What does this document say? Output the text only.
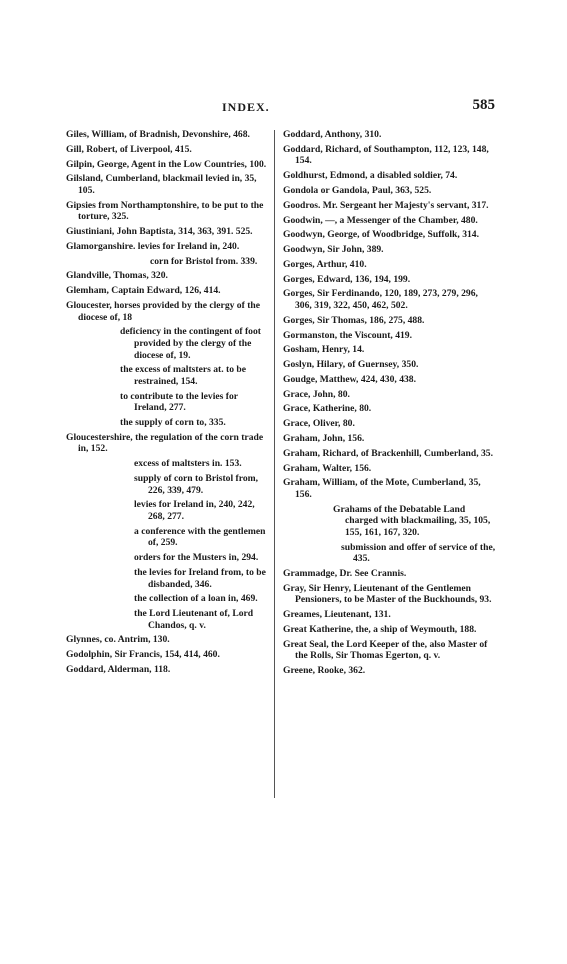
INDEX.	585

Giles, William, of Bradnish, Devonshire, 468.

Gill, Robert, of Liverpool, 415.

Gilpin, George, Agent in the Low Countries, 100.

Gilsland, Cumberland, blackmail levied in, 35, 105.

Gipsies from Northamptonshire, to be put to the torture, 325.

Giustiniani, John Baptista, 314, 363, 391. 525.

Glamorganshire. levies for Ireland in, 240.

corn for Bristol from. 339.

Glandville, Thomas, 320.

Glemham, Captain Edward, 126, 414.

Gloucester, horses provided by the clergy of the diocese of, 18

deficiency in the contingent of foot provided by the clergy of the diocese of, 19.

the excess of maltsters at. to be restrained, 154.

to contribute to the levies for Ireland, 277.

the supply of corn to, 335.

Gloucestershire, the regulation of the corn trade in, 152.

excess of maltsters in. 153.

supply of corn to Bristol from, 226, 339, 479.

levies for Ireland in, 240, 242, 268, 277.

a conference with the gentlemen of, 259.

orders for the Musters in, 294.

the levies for Ireland from, to be disbanded, 346.

the collection of a loan in, 469.

the Lord Lieutenant of, Lord Chandos, q. v.

Glynnes, co. Antrim, 130.

Godolphin, Sir Francis, 154, 414, 460.

Goddard, Alderman, 118.

Goddard, Anthony, 310.

Goddard, Richard, of Southampton, 112, 123, 148, 154.

Goldhurst, Edmond, a disabled soldier, 74.

Gondola or Gandola, Paul, 363, 525.

Goodros. Mr. Sergeant her Majesty's servant, 317.

Goodwin, —, a Messenger of the Chamber, 480.

Goodwyn, George, of Woodbridge, Suffolk, 314.

Goodwyn, Sir John, 389.

Gorges, Arthur, 410.

Gorges, Edward, 136, 194, 199.

Gorges, Sir Ferdinando, 120, 189, 273, 279, 296, 306, 319, 322, 450, 462, 502.

Gorges, Sir Thomas, 186, 275, 488.

Gormanston, the Viscount, 419.

Gosham, Henry, 14.

Goslyn, Hilary, of Guernsey, 350.

Goudge, Matthew, 424, 430, 438.

Grace, John, 80.

Grace, Katherine, 80.

Grace, Oliver, 80.

Graham, John, 156.

Graham, Richard, of Brackenhill, Cumberland, 35.

Graham, Walter, 156.

Graham, William, of the Mote, Cumberland, 35, 156.

Grahams of the Debatable Land charged with blackmailing, 35, 105, 155, 161, 167, 320.

submission and offer of service of the, 435.

Grammadge, Dr. See Crannis.

Gray, Sir Henry, Lieutenant of the Gentlemen Pensioners, to be Master of the Buckhounds, 93.

Greames, Lieutenant, 131.

Great Katherine, the, a ship of Weymouth, 188.

Great Seal, the Lord Keeper of the, also Master of the Rolls, Sir Thomas Egerton, q. v.

Greene, Rooke, 362.
